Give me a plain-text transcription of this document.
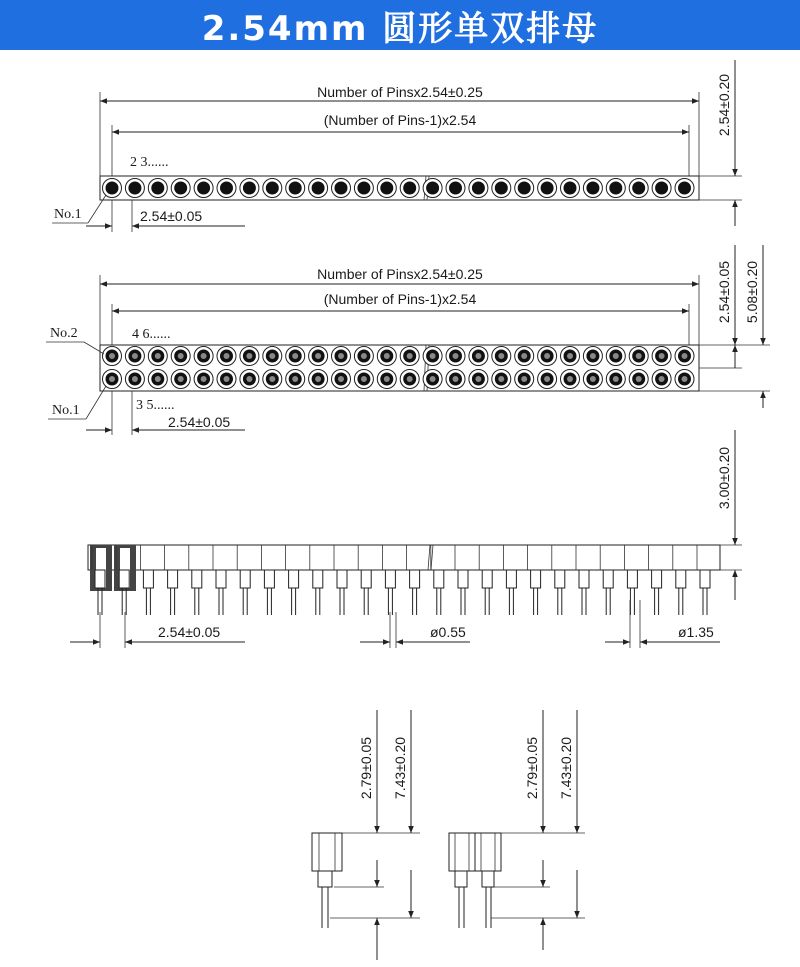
2.54mm 圆形单双排母
Number of Pinsx2.54±0.25
(Number of Pins-1)x2.54
2 3......
2.54±0.20
No.1	2.54±0.05
Number of Pinsx2.54±0.25
(Number of Pins-1)x2.54
4 6......
2.54±0.05 5.08±0.20
No.2
No.1	3 5......
2.54±0.05
3.00±0.20
2.54±0.05	ø0.55	ø1.35
2.79±0.05 7.43±0.20	2.79±0.05 7.43±0.20
